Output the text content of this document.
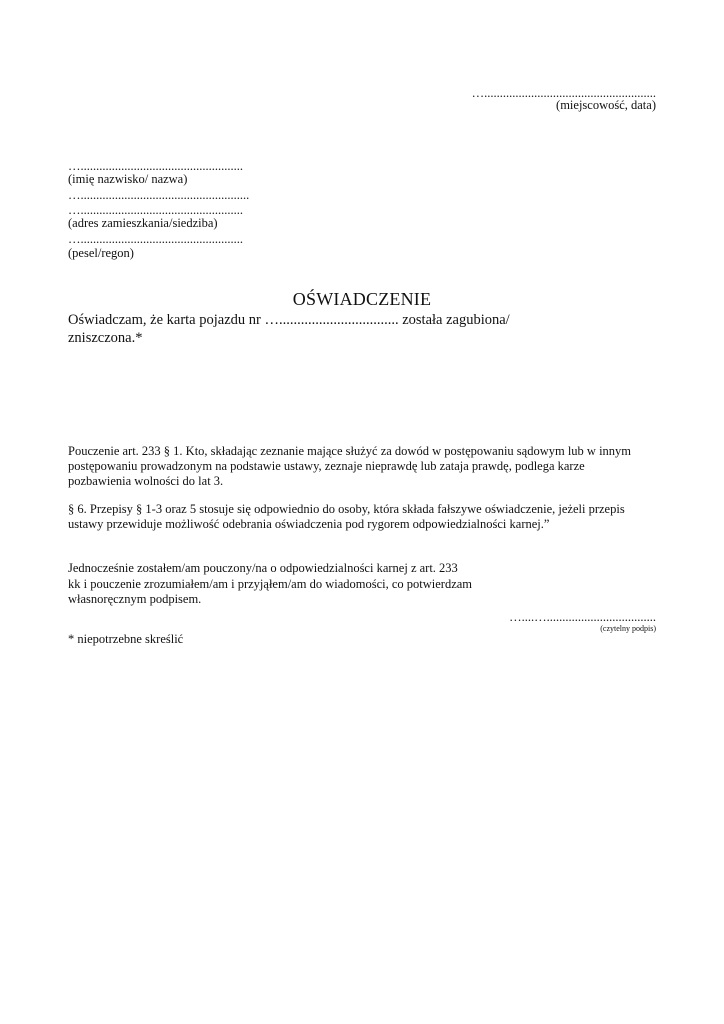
….......................................................
(miejscowość, data)
…....................................................
(imię nazwisko/ nazwa)
…......................................................
…....................................................
(adres zamieszkania/siedziba)
…....................................................
(pesel/regon)
OŚWIADCZENIE
Oświadczam, że karta pojazdu nr …................................. została zagubiona/
zniszczona.*
Pouczenie art. 233 § 1. Kto, składając zeznanie mające służyć za dowód w postępowaniu sądowym lub w innym
postępowaniu prowadzonym na podstawie ustawy, zeznaje nieprawdę lub zataja prawdę, podlega karze
pozbawienia wolności do lat 3.
§ 6. Przepisy § 1-3 oraz 5 stosuje się odpowiednio do osoby, która składa fałszywe oświadczenie, jeżeli przepis
ustawy przewiduje możliwość odebrania oświadczenia pod rygorem odpowiedzialności karnej.”
Jednocześnie zostałem/am pouczony/na o odpowiedzialności karnej z art. 233
kk i pouczenie zrozumiałem/am i przyjąłem/am do wiadomości, co potwierdzam
własnoręcznym podpisem.
…....…...................................
(czytelny podpis)
* niepotrzebne skreślić
